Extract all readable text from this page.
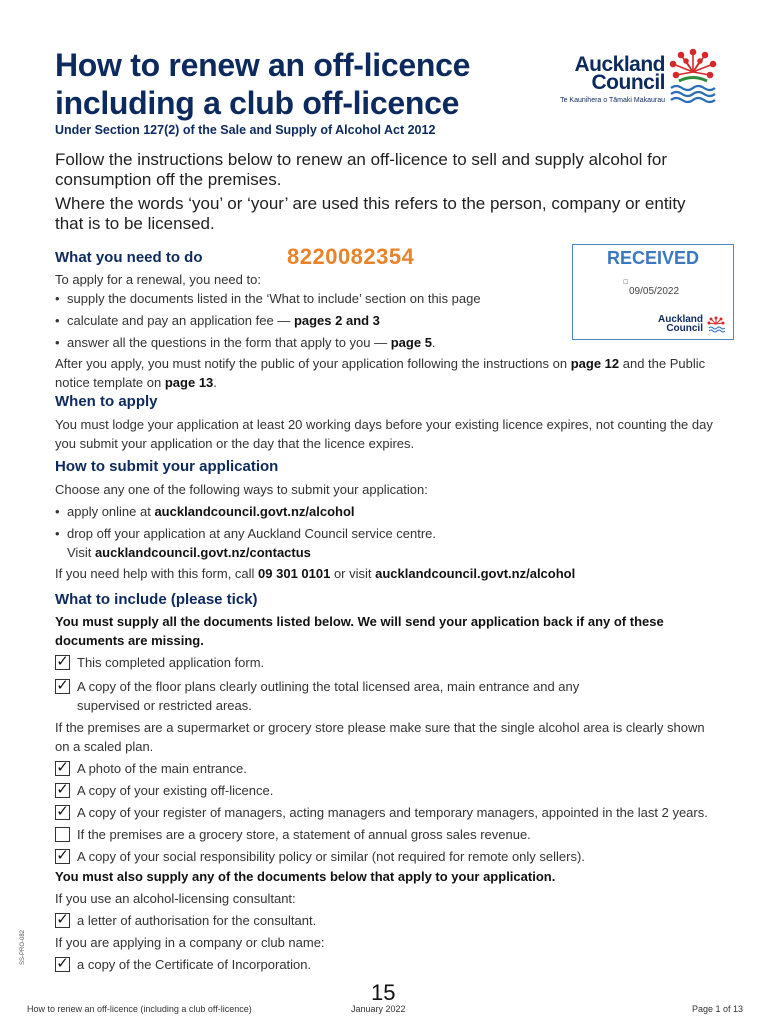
How to renew an off-licence including a club off-licence
Under Section 127(2) of the Sale and Supply of Alcohol Act 2012
Auckland
Council
Te Kaunihera o Tāmaki Makaurau

Follow the instructions below to renew an off-licence to sell and supply alcohol for consumption off the premises.

Where the words ‘you’ or ‘your’ are used this refers to the person, company or entity that is to be licensed.

8220082354	RECEIVED
☐
09/05/2022
Auckland
Council
What you need to do
To apply for a renewal, you need to:
• supply the documents listed in the ‘What to include’ section on this page
• calculate and pay an application fee — pages 2 and 3
• answer all the questions in the form that apply to you — page 5.
After you apply, you must notify the public of your application following the instructions on page 12 and the Public notice template on page 13.
When to apply
You must lodge your application at least 20 working days before your existing licence expires, not counting the day you submit your application or the day that the licence expires.
How to submit your application
Choose any one of the following ways to submit your application:
• apply online at aucklandcouncil.govt.nz/alcohol
• drop off your application at any Auckland Council service centre.
Visit aucklandcouncil.govt.nz/contactus
If you need help with this form, call 09 301 0101 or visit aucklandcouncil.govt.nz/alcohol
What to include (please tick)
You must supply all the documents listed below. We will send your application back if any of these documents are missing.
✓ This completed application form.
✓ A copy of the floor plans clearly outlining the total licensed area, main entrance and any supervised or restricted areas.
If the premises are a supermarket or grocery store please make sure that the single alcohol area is clearly shown on a scaled plan.
✓ A photo of the main entrance.
✓ A copy of your existing off-licence.
✓ A copy of your register of managers, acting managers and temporary managers, appointed in the last 2 years.
If the premises are a grocery store, a statement of annual gross sales revenue.
✓ A copy of your social responsibility policy or similar (not required for remote only sellers).
You must also supply any of the documents below that apply to your application.
If you use an alcohol-licensing consultant:
✓ a letter of authorisation for the consultant.
If you are applying in a company or club name:
✓ a copy of the Certificate of Incorporation.
SS-PRO-082
15
How to renew an off-licence (including a club off-licence)	January 2022	Page 1 of 13
